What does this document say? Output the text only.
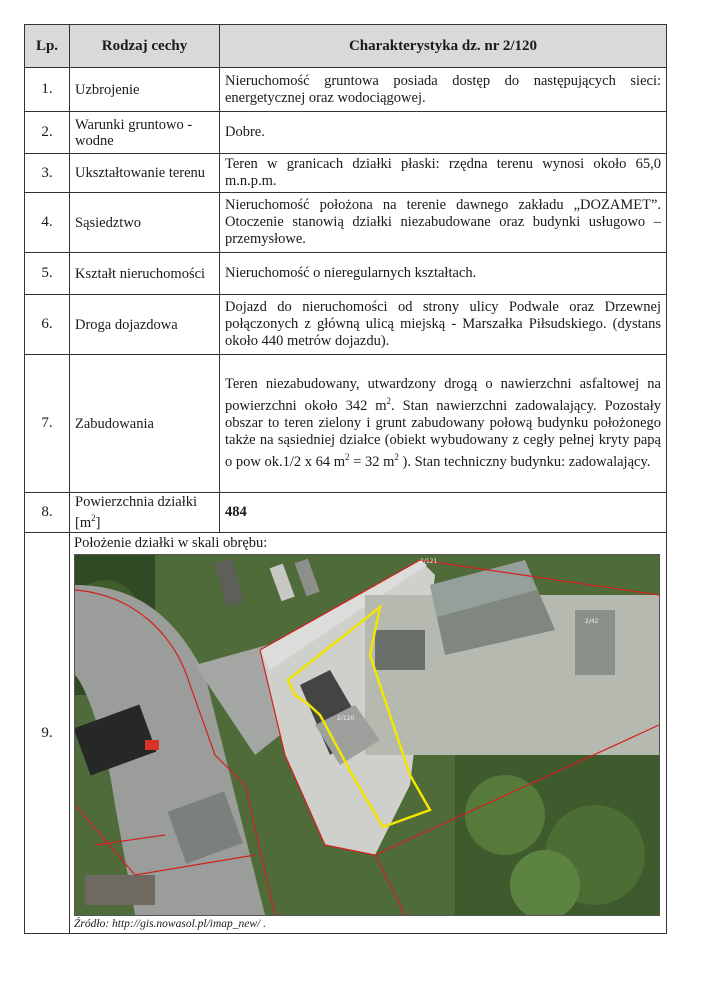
Lp.	Rodzaj cechy	Charakterystyka dz. nr 2/120
1.	Uzbrojenie	Nieruchomość gruntowa posiada dostęp do następujących sieci: energetycznej oraz wodociągowej.
2.	Warunki gruntowo - wodne	Dobre.
3.	Ukształtowanie terenu	Teren w granicach działki płaski: rzędna terenu wynosi około 65,0 m.n.p.m.
4.	Sąsiedztwo	Nieruchomość położona na terenie dawnego zakładu „DOZAMET”. Otoczenie stanowią działki niezabudowane oraz budynki usługowo – przemysłowe.
5.	Kształt nieruchomości	Nieruchomość o nieregularnych kształtach.
6.	Droga dojazdowa	Dojazd do nieruchomości od strony ulicy Podwale oraz Drzewnej połączonych z główną ulicą miejską - Marszałka Piłsudskiego. (dystans około 440 metrów dojazdu).
7.	Zabudowania	Teren niezabudowany, utwardzony drogą o nawierzchni asfaltowej na powierzchni około 342 $m^2$. Stan nawierzchni zadowalający. Pozostały obszar to teren zielony i grunt zabudowany połową budynku położonego także na sąsiedniej działce (obiekt wybudowany z cegły pełnej kryty papą o pow ok.1/2 x 64 $m^2 = 32$ $m^2$ ). Stan techniczny budynku: zadowalający.
8.	Powierzchnia działki $[m^2]$	484
9.	Położenie działki w skali obrębu:
2/121
2/42
2/120
Źródło: http://gis.nowasol.pl/imap_new/ .	
